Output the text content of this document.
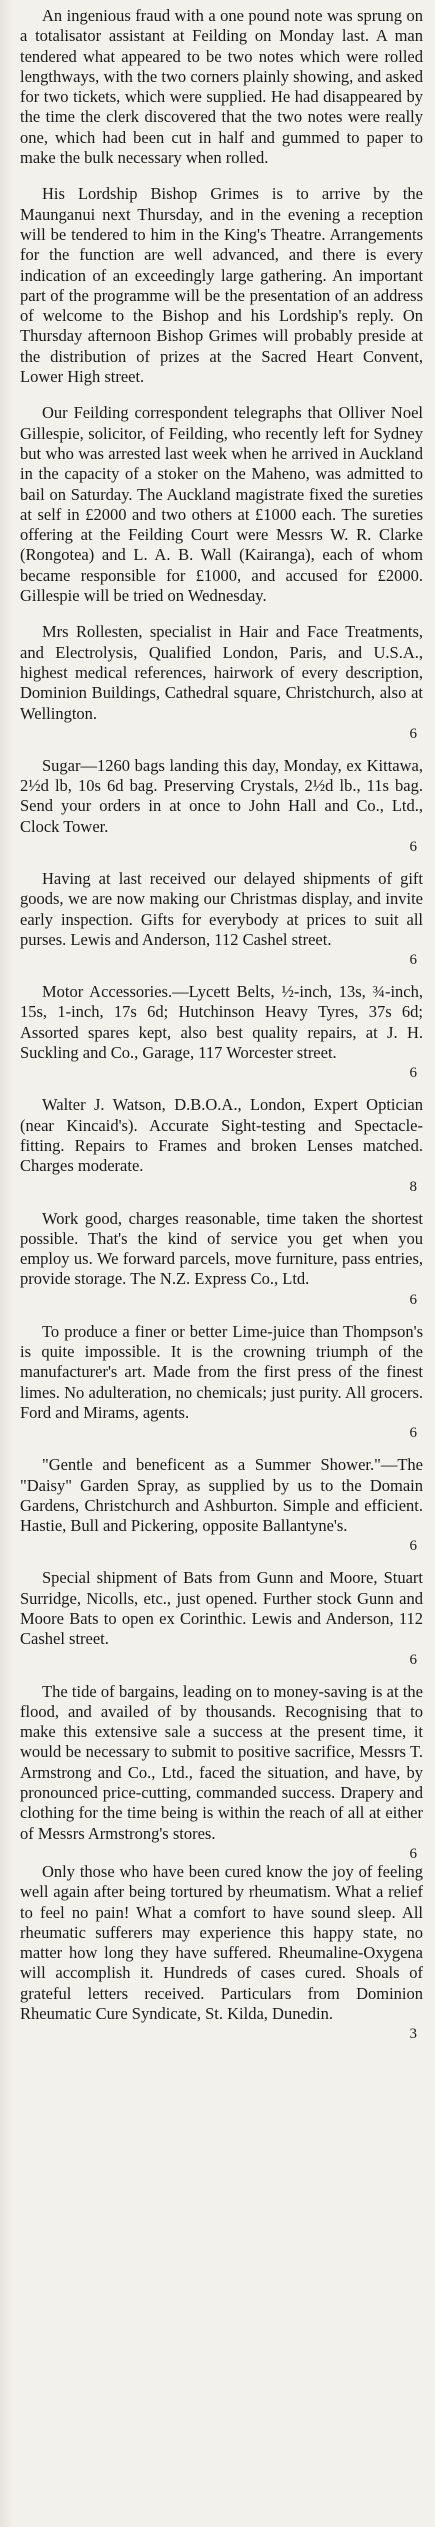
An ingenious fraud with a one pound note was sprung on a totalisator assistant at Feilding on Monday last. A man tendered what appeared to be two notes which were rolled lengthways, with the two corners plainly showing, and asked for two tickets, which were supplied. He had disappeared by the time the clerk discovered that the two notes were really one, which had been cut in half and gummed to paper to make the bulk necessary when rolled.

His Lordship Bishop Grimes is to arrive by the Maunganui next Thursday, and in the evening a reception will be tendered to him in the King's Theatre. Arrangements for the function are well advanced, and there is every indication of an exceedingly large gathering. An important part of the programme will be the presentation of an address of welcome to the Bishop and his Lordship's reply. On Thursday afternoon Bishop Grimes will probably preside at the distribution of prizes at the Sacred Heart Convent, Lower High street.

Our Feilding correspondent telegraphs that Olliver Noel Gillespie, solicitor, of Feilding, who recently left for Sydney but who was arrested last week when he arrived in Auckland in the capacity of a stoker on the Maheno, was admitted to bail on Saturday. The Auckland magistrate fixed the sureties at self in £2000 and two others at £1000 each. The sureties offering at the Feilding Court were Messrs W. R. Clarke (Rongotea) and L. A. B. Wall (Kairanga), each of whom became responsible for £1000, and accused for £2000. Gillespie will be tried on Wednesday.

Mrs Rollesten, specialist in Hair and Face Treatments, and Electrolysis, Qualified London, Paris, and U.S.A., highest medical references, hairwork of every description, Dominion Buildings, Cathedral square, Christchurch, also at Wellington.

6

Sugar—1260 bags landing this day, Monday, ex Kittawa, 2½d lb, 10s 6d bag. Preserving Crystals, 2½d lb., 11s bag. Send your orders in at once to John Hall and Co., Ltd., Clock Tower.

6

Having at last received our delayed shipments of gift goods, we are now making our Christmas display, and invite early inspection. Gifts for everybody at prices to suit all purses. Lewis and Anderson, 112 Cashel street.

6

Motor Accessories.—Lycett Belts, ½-inch, 13s, ¾-inch, 15s, 1-inch, 17s 6d; Hutchinson Heavy Tyres, 37s 6d; Assorted spares kept, also best quality repairs, at J. H. Suckling and Co., Garage, 117 Worcester street.

6

Walter J. Watson, D.B.O.A., London, Expert Optician (near Kincaid's). Accurate Sight-testing and Spectacle-fitting. Repairs to Frames and broken Lenses matched. Charges moderate.

8

Work good, charges reasonable, time taken the shortest possible. That's the kind of service you get when you employ us. We forward parcels, move furniture, pass entries, provide storage. The N.Z. Express Co., Ltd.

6

To produce a finer or better Lime-juice than Thompson's is quite impossible. It is the crowning triumph of the manufacturer's art. Made from the first press of the finest limes. No adulteration, no chemicals; just purity. All grocers. Ford and Mirams, agents.

6

"Gentle and beneficent as a Summer Shower."—The "Daisy" Garden Spray, as supplied by us to the Domain Gardens, Christchurch and Ashburton. Simple and efficient. Hastie, Bull and Pickering, opposite Ballantyne's.

6

Special shipment of Bats from Gunn and Moore, Stuart Surridge, Nicolls, etc., just opened. Further stock Gunn and Moore Bats to open ex Corinthic. Lewis and Anderson, 112 Cashel street.

6

The tide of bargains, leading on to money-saving is at the flood, and availed of by thousands. Recognising that to make this extensive sale a success at the present time, it would be necessary to submit to positive sacrifice, Messrs T. Armstrong and Co., Ltd., faced the situation, and have, by pronounced price-cutting, commanded success. Drapery and clothing for the time being is within the reach of all at either of Messrs Armstrong's stores.

6

Only those who have been cured know the joy of feeling well again after being tortured by rheumatism. What a relief to feel no pain! What a comfort to have sound sleep. All rheumatic sufferers may experience this happy state, no matter how long they have suffered. Rheumaline-Oxygena will accomplish it. Hundreds of cases cured. Shoals of grateful letters received. Particulars from Dominion Rheumatic Cure Syndicate, St. Kilda, Dunedin.

3
